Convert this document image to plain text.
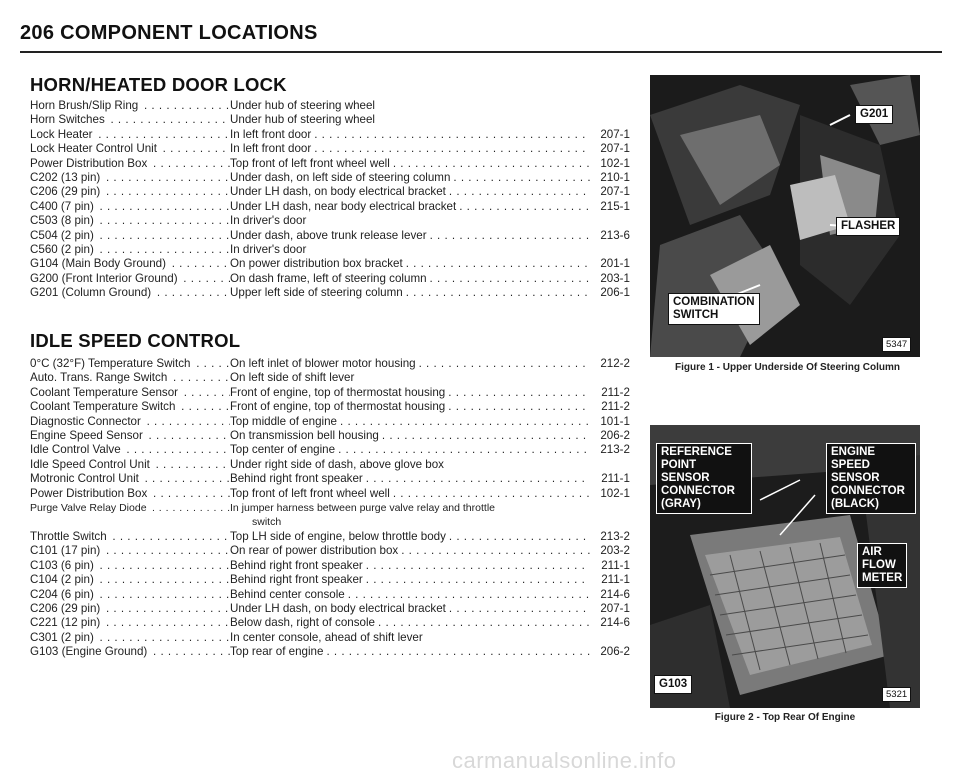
206 COMPONENT LOCATIONS
HORN/HEATED DOOR LOCK
Horn Brush/Slip Ring . . .	Under hub of steering wheel
Horn Switches . . .	Under hub of steering wheel
Lock Heater . . .	In left front door . . .	207-1
Lock Heater Control Unit . . .	In left front door . . .	207-1
Power Distribution Box . . .	Top front of left front wheel well . . .	102-1
C202 (13 pin) . . .	Under dash, on left side of steering column . . .	210-1
C206 (29 pin) . . .	Under LH dash, on body electrical bracket . . .	207-1
C400 (7 pin) . . .	Under LH dash, near body electrical bracket . . .	215-1
C503 (8 pin) . . .	In driver's door
C504 (2 pin) . . .	Under dash, above trunk release lever . . .	213-6
C560 (2 pin) . . .	In driver's door
G104 (Main Body Ground) . . .	On power distribution box bracket . . .	201-1
G200 (Front Interior Ground) . . .	On dash frame, left of steering column . . .	203-1
G201 (Column Ground) . . .	Upper left side of steering column . . .	206-1
IDLE SPEED CONTROL
0°C (32°F) Temperature Switch . . .	On left inlet of blower motor housing . . .	212-2
Auto. Trans. Range Switch . . .	On left side of shift lever
Coolant Temperature Sensor . . .	Front of engine, top of thermostat housing . . .	211-2
Coolant Temperature Switch . . .	Front of engine, top of thermostat housing . . .	211-2
Diagnostic Connector . . .	Top middle of engine . . .	101-1
Engine Speed Sensor . . .	On transmission bell housing . . .	206-2
Idle Control Valve . . .	Top center of engine . . .	213-2
Idle Speed Control Unit . . .	Under right side of dash, above glove box
Motronic Control Unit . . .	Behind right front speaker . . .	211-1
Power Distribution Box . . .	Top front of left front wheel well . . .	102-1
Purge Valve Relay Diode . . .	In jumper harness between purge valve relay and throttle
switch
Throttle Switch . . .	Top LH side of engine, below throttle body . . .	213-2
C101 (17 pin) . . .	On rear of power distribution box . . .	203-2
C103 (6 pin) . . .	Behind right front speaker . . .	211-1
C104 (2 pin) . . .	Behind right front speaker . . .	211-1
C204 (6 pin) . . .	Behind center console . . .	214-6
C206 (29 pin) . . .	Under LH dash, on body electrical bracket . . .	207-1
C221 (12 pin) . . .	Below dash, right of console . . .	214-6
C301 (2 pin) . . .	In center console, ahead of shift lever
G103 (Engine Ground) . . .	Top rear of engine . . .	206-2
G201
FLASHER
COMBINATION
SWITCH
5347
Figure 1 - Upper Underside Of Steering Column
REFERENCE
POINT
SENSOR
CONNECTOR
(GRAY)
ENGINE
SPEED
SENSOR
CONNECTOR
(BLACK)
AIR
FLOW
METER
G103
5321
Figure 2 - Top Rear Of Engine
carmanualsonline.info
